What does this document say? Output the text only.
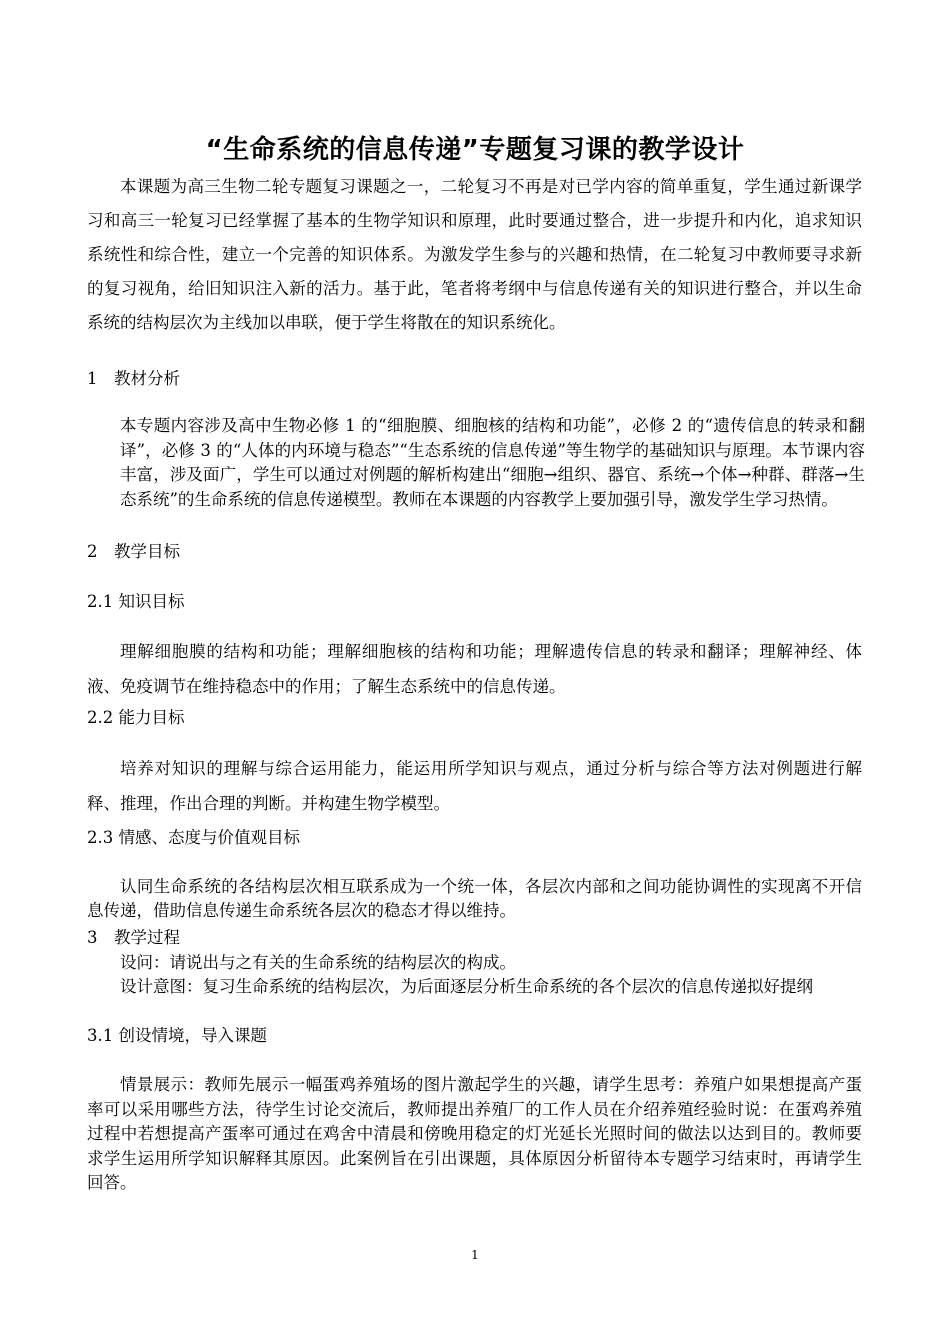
“生命系统的信息传递”专题复习课的教学设计

本课题为高三生物二轮专题复习课题之一，二轮复习不再是对已学内容的简单重复，学生通过新课学习和高三一轮复习已经掌握了基本的生物学知识和原理，此时要通过整合，进一步提升和内化，追求知识系统性和综合性，建立一个完善的知识体系。为激发学生参与的兴趣和热情，在二轮复习中教师要寻求新的复习视角，给旧知识注入新的活力。基于此，笔者将考纲中与信息传递有关的知识进行整合，并以生命系统的结构层次为主线加以串联，便于学生将散在的知识系统化。

1　教材分析

本专题内容涉及高中生物必修 1 的“细胞膜、细胞核的结构和功能”，必修 2 的“遗传信息的转录和翻译”，必修 3 的“人体的内环境与稳态”“生态系统的信息传递”等生物学的基础知识与原理。本节课内容丰富，涉及面广，学生可以通过对例题的解析构建出“细胞→组织、器官、系统→个体→种群、群落→生态系统”的生命系统的信息传递模型。教师在本课题的内容教学上要加强引导，激发学生学习热情。

2　教学目标

2.1 知识目标

理解细胞膜的结构和功能；理解细胞核的结构和功能；理解遗传信息的转录和翻译；理解神经、体液、免疫调节在维持稳态中的作用；了解生态系统中的信息传递。

2.2 能力目标

培养对知识的理解与综合运用能力，能运用所学知识与观点，通过分析与综合等方法对例题进行解释、推理，作出合理的判断。并构建生物学模型。

2.3 情感、态度与价值观目标

认同生命系统的各结构层次相互联系成为一个统一体，各层次内部和之间功能协调性的实现离不开信息传递，借助信息传递生命系统各层次的稳态才得以维持。

3　教学过程

设问：请说出与之有关的生命系统的结构层次的构成。

设计意图：复习生命系统的结构层次，为后面逐层分析生命系统的各个层次的信息传递拟好提纲

3.1 创设情境，导入课题

情景展示：教师先展示一幅蛋鸡养殖场的图片激起学生的兴趣，请学生思考：养殖户如果想提高产蛋率可以采用哪些方法，待学生讨论交流后，教师提出养殖厂的工作人员在介绍养殖经验时说：在蛋鸡养殖过程中若想提高产蛋率可通过在鸡舍中清晨和傍晚用稳定的灯光延长光照时间的做法以达到目的。教师要求学生运用所学知识解释其原因。此案例旨在引出课题，具体原因分析留待本专题学习结束时，再请学生回答。

1
